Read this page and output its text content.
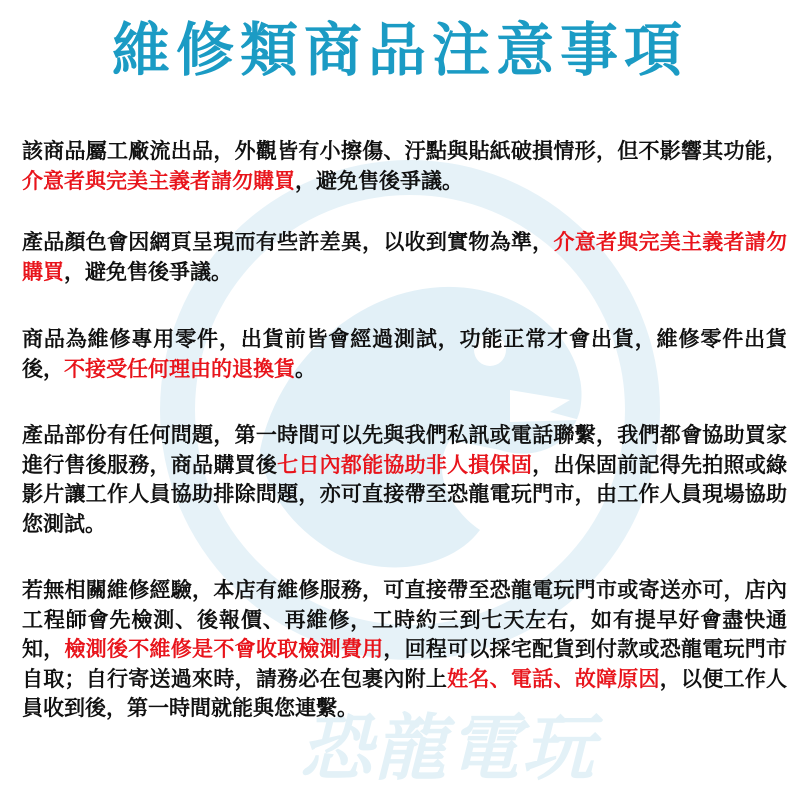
恐龍電玩
維修類商品注意事項
該商品屬工廠流出品，外觀皆有小擦傷、汙點與貼紙破損情形，但不影響其功能，介意者與完美主義者請勿購買，避免售後爭議。
產品顏色會因網頁呈現而有些許差異，以收到實物為準，介意者與完美主義者請勿購買，避免售後爭議。
商品為維修專用零件，出貨前皆會經過測試，功能正常才會出貨，維修零件出貨後，不接受任何理由的退換貨。
產品部份有任何問題，第一時間可以先與我們私訊或電話聯繫，我們都會協助買家進行售後服務，商品購買後七日內都能協助非人損保固，出保固前記得先拍照或綠影片讓工作人員協助排除問題，亦可直接帶至恐龍電玩門市，由工作人員現場協助您測試。
若無相關維修經驗，本店有維修服務，可直接帶至恐龍電玩門市或寄送亦可，店內工程師會先檢測、後報價、再維修，工時約三到七天左右，如有提早好會盡快通知，檢測後不維修是不會收取檢測費用，回程可以採宅配貨到付款或恐龍電玩門市自取；自行寄送過來時，請務必在包裹內附上姓名、電話、故障原因，以便工作人員收到後，第一時間就能與您連繫。
